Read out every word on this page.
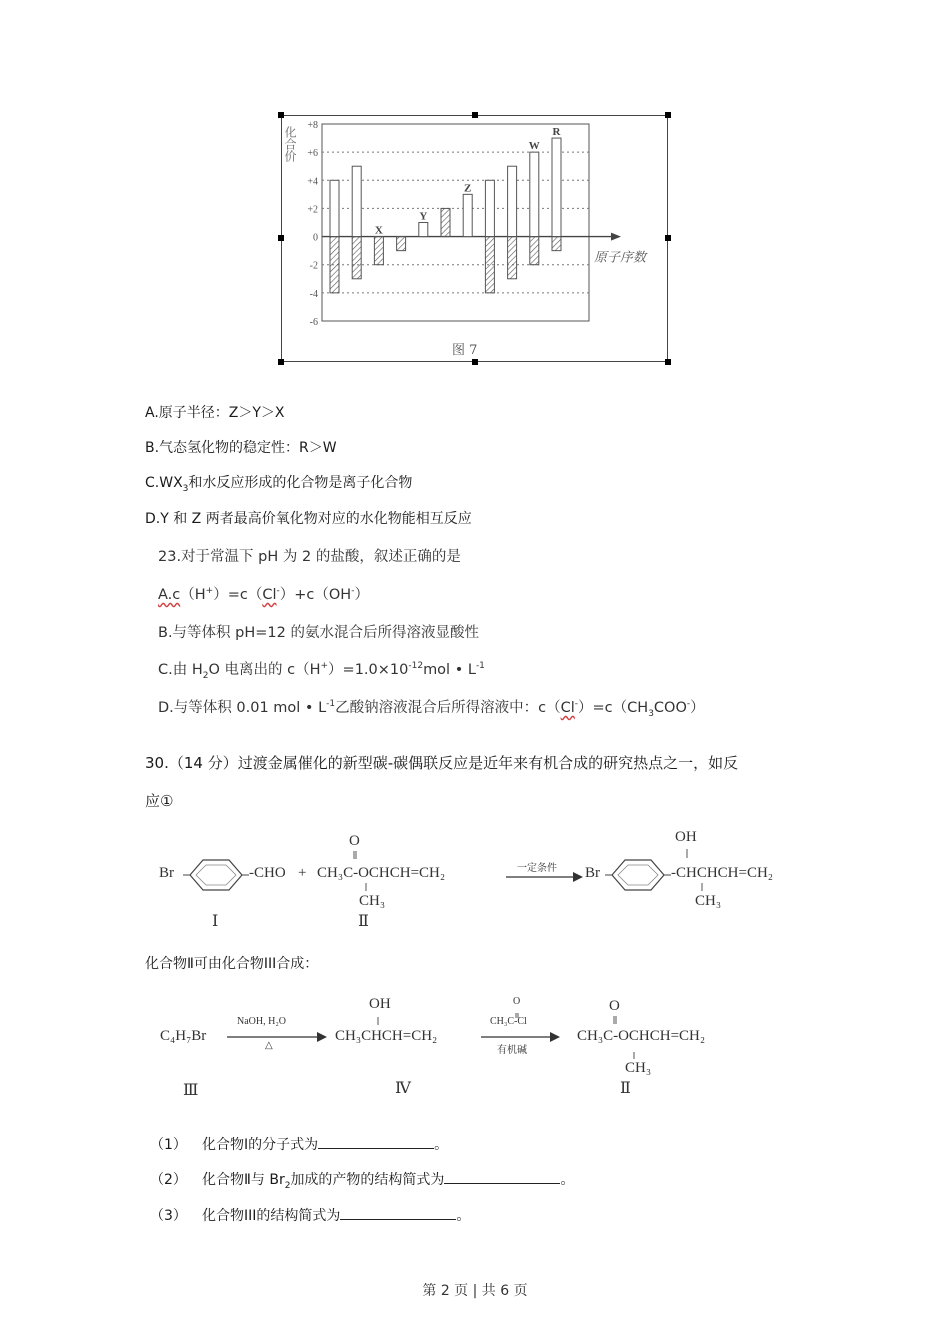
+8
+6
+4
+2
0
-2
-4
-6
化合价
原子序数
X
Y
Z
W
R
图 7
A.原子半径：Z＞Y＞X
B.气态氢化物的稳定性：R＞W
$C.WX_3$和水反应形成的化合物是离子化合物
D.Y 和 Z 两者最高价氧化物对应的水化物能相互反应
23.对于常温下 pH 为 2 的盐酸，叙述正确的是
A.c（H+）=c（Cl-）+c（OH-）
B.与等体积 pH=12 的氨水混合后所得溶液显酸性
C.由 $H_2O$ 电离出的 $c(H^+)=1.0\times 10^{-12}mol$ • $L^{-1}$
D.与等体积 0.01 mol • $L^{-1}$乙酸钠溶液混合后所得溶液中：$c(Cl^-)=c(CH_3COO^-)$
30.（14 分）过渡金属催化的新型碳-碳偶联反应是近年来有机合成的研究热点之一，如反
应①
Br	-CHO + CH₃C-OCHCH=CH₂
O
CH₃
一定条件 Br	-CHCHCH=CH₂
OH
CH₃
Ⅰ	Ⅱ
化合物Ⅱ可由化合物III合成：
C₄H₇Br
NaOH, H₂O
△
CH₃CHCH=CH₂
OH	O
CH₃C-Cl
有机碱
CH₃C-OCHCH=CH₂
O
CH₃
Ⅲ	Ⅳ	Ⅱ
（1） 化合物Ⅰ的分子式为	。
（2） 化合物Ⅱ与 $Br_2$加成的产物的结构简式为	。
（3） 化合物III的结构简式为	。
第 2 页 | 共 6 页
